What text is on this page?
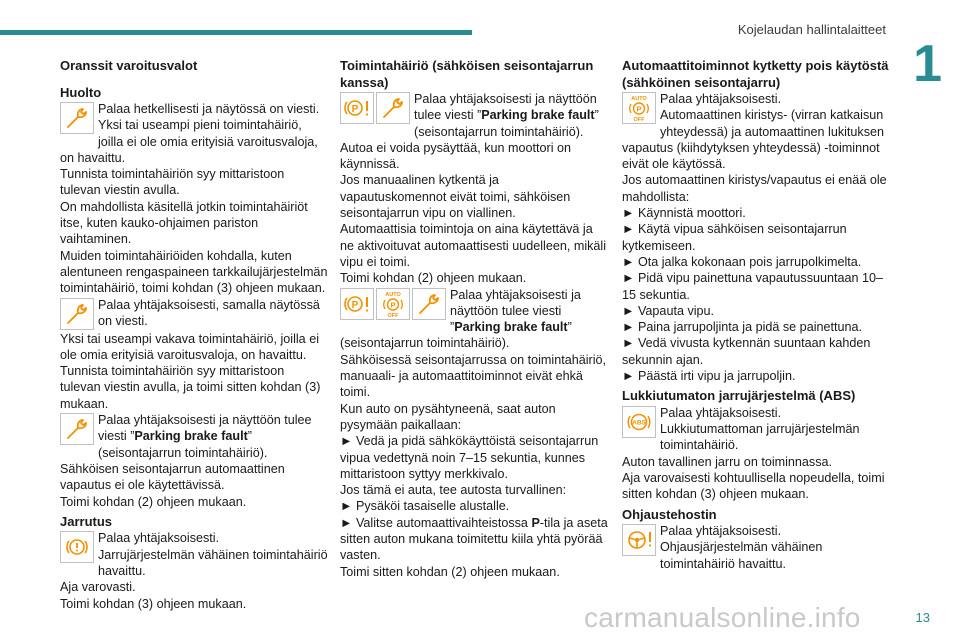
Kojelaudan hallintalaitteet
1
13
carmanualsonline.info

Oranssit varoitusvalot

Huolto

Palaa hetkellisesti ja näytössä on viesti.

Yksi tai useampi pieni toimintahäiriö, joilla ei ole omia erityisiä varoitusvaloja, on havaittu.

Tunnista toimintahäiriön syy mittaristoon tulevan viestin avulla.

On mahdollista käsitellä jotkin toimintahäiriöt itse, kuten kauko-ohjaimen pariston vaihtaminen.

Muiden toimintahäiriöiden kohdalla, kuten alentuneen rengaspaineen tarkkailujärjestelmän toimintahäiriö, toimi kohdan (3) ohjeen mukaan.

Palaa yhtäjaksoisesti, samalla näytössä on viesti.

Yksi tai useampi vakava toimintahäiriö, joilla ei ole omia erityisiä varoitusvaloja, on havaittu.

Tunnista toimintahäiriön syy mittaristoon tulevan viestin avulla, ja toimi sitten kohdan (3) mukaan.

Palaa yhtäjaksoisesti ja näyttöön tulee viesti ”Parking brake fault” (seisontajarrun toimintahäiriö).

Sähköisen seisontajarrun automaattinen vapautus ei ole käytettävissä.

Toimi kohdan (2) ohjeen mukaan.

Jarrutus

Palaa yhtäjaksoisesti.

Jarrujärjestelmän vähäinen toimintahäiriö havaittu.

Aja varovasti.

Toimi kohdan (3) ohjeen mukaan.

Toimintahäiriö (sähköisen seisontajarrun kanssa)

P

Palaa yhtäjaksoisesti ja näyttöön tulee viesti ”Parking brake fault” (seisontajarrun toimintahäiriö).

Autoa ei voida pysäyttää, kun moottori on käynnissä.

Jos manuaalinen kytkentä ja vapautuskomennot eivät toimi, sähköisen seisontajarrun vipu on viallinen.

Automaattisia toimintoja on aina käytettävä ja ne aktivoituvat automaattisesti uudelleen, mikäli vipu ei toimi.

Toimi kohdan (2) ohjeen mukaan.

P
AUTO
P
OFF

Palaa yhtäjaksoisesti ja näyttöön tulee viesti ”Parking brake fault” (seisontajarrun toimintahäiriö).

Sähköisessä seisontajarrussa on toimintahäiriö, manuaali- ja automaattitoiminnot eivät ehkä toimi.

Kun auto on pysähtyneenä, saat auton pysymään paikallaan:

► Vedä ja pidä sähkökäyttöistä seisontajarrun vipua vedettynä noin 7–15 sekuntia, kunnes mittaristoon syttyy merkkivalo.

Jos tämä ei auta, tee autosta turvallinen:

► Pysäköi tasaiselle alustalle.

► Valitse automaattivaihteistossa P-tila ja aseta sitten auton mukana toimitettu kiila yhtä pyörää vasten.

Toimi sitten kohdan (2) ohjeen mukaan.

Automaattitoiminnot kytketty pois käytöstä (sähköinen seisontajarru)

AUTO
P
OFF

Palaa yhtäjaksoisesti.

Automaattinen kiristys- (virran katkaisun yhteydessä) ja automaattinen lukituksen vapautus (kiihdytyksen yhteydessä) -toiminnot eivät ole käytössä.

Jos automaattinen kiristys/vapautus ei enää ole mahdollista:

► Käynnistä moottori.

► Käytä vipua sähköisen seisontajarrun kytkemiseen.

► Ota jalka kokonaan pois jarrupolkimelta.

► Pidä vipu painettuna vapautussuuntaan 10–15 sekuntia.

► Vapauta vipu.

► Paina jarrupoljinta ja pidä se painettuna.

► Vedä vivusta kytkennän suuntaan kahden sekunnin ajan.

► Päästä irti vipu ja jarrupoljin.

Lukkiutumaton jarrujärjestelmä (ABS)

ABS

Palaa yhtäjaksoisesti.

Lukkiutumattoman jarrujärjestelmän toimintahäiriö.

Auton tavallinen jarru on toiminnassa.

Aja varovaisesti kohtuullisella nopeudella, toimi sitten kohdan (3) ohjeen mukaan.

Ohjaustehostin

Palaa yhtäjaksoisesti.

Ohjausjärjestelmän vähäinen toimintahäiriö havaittu.
